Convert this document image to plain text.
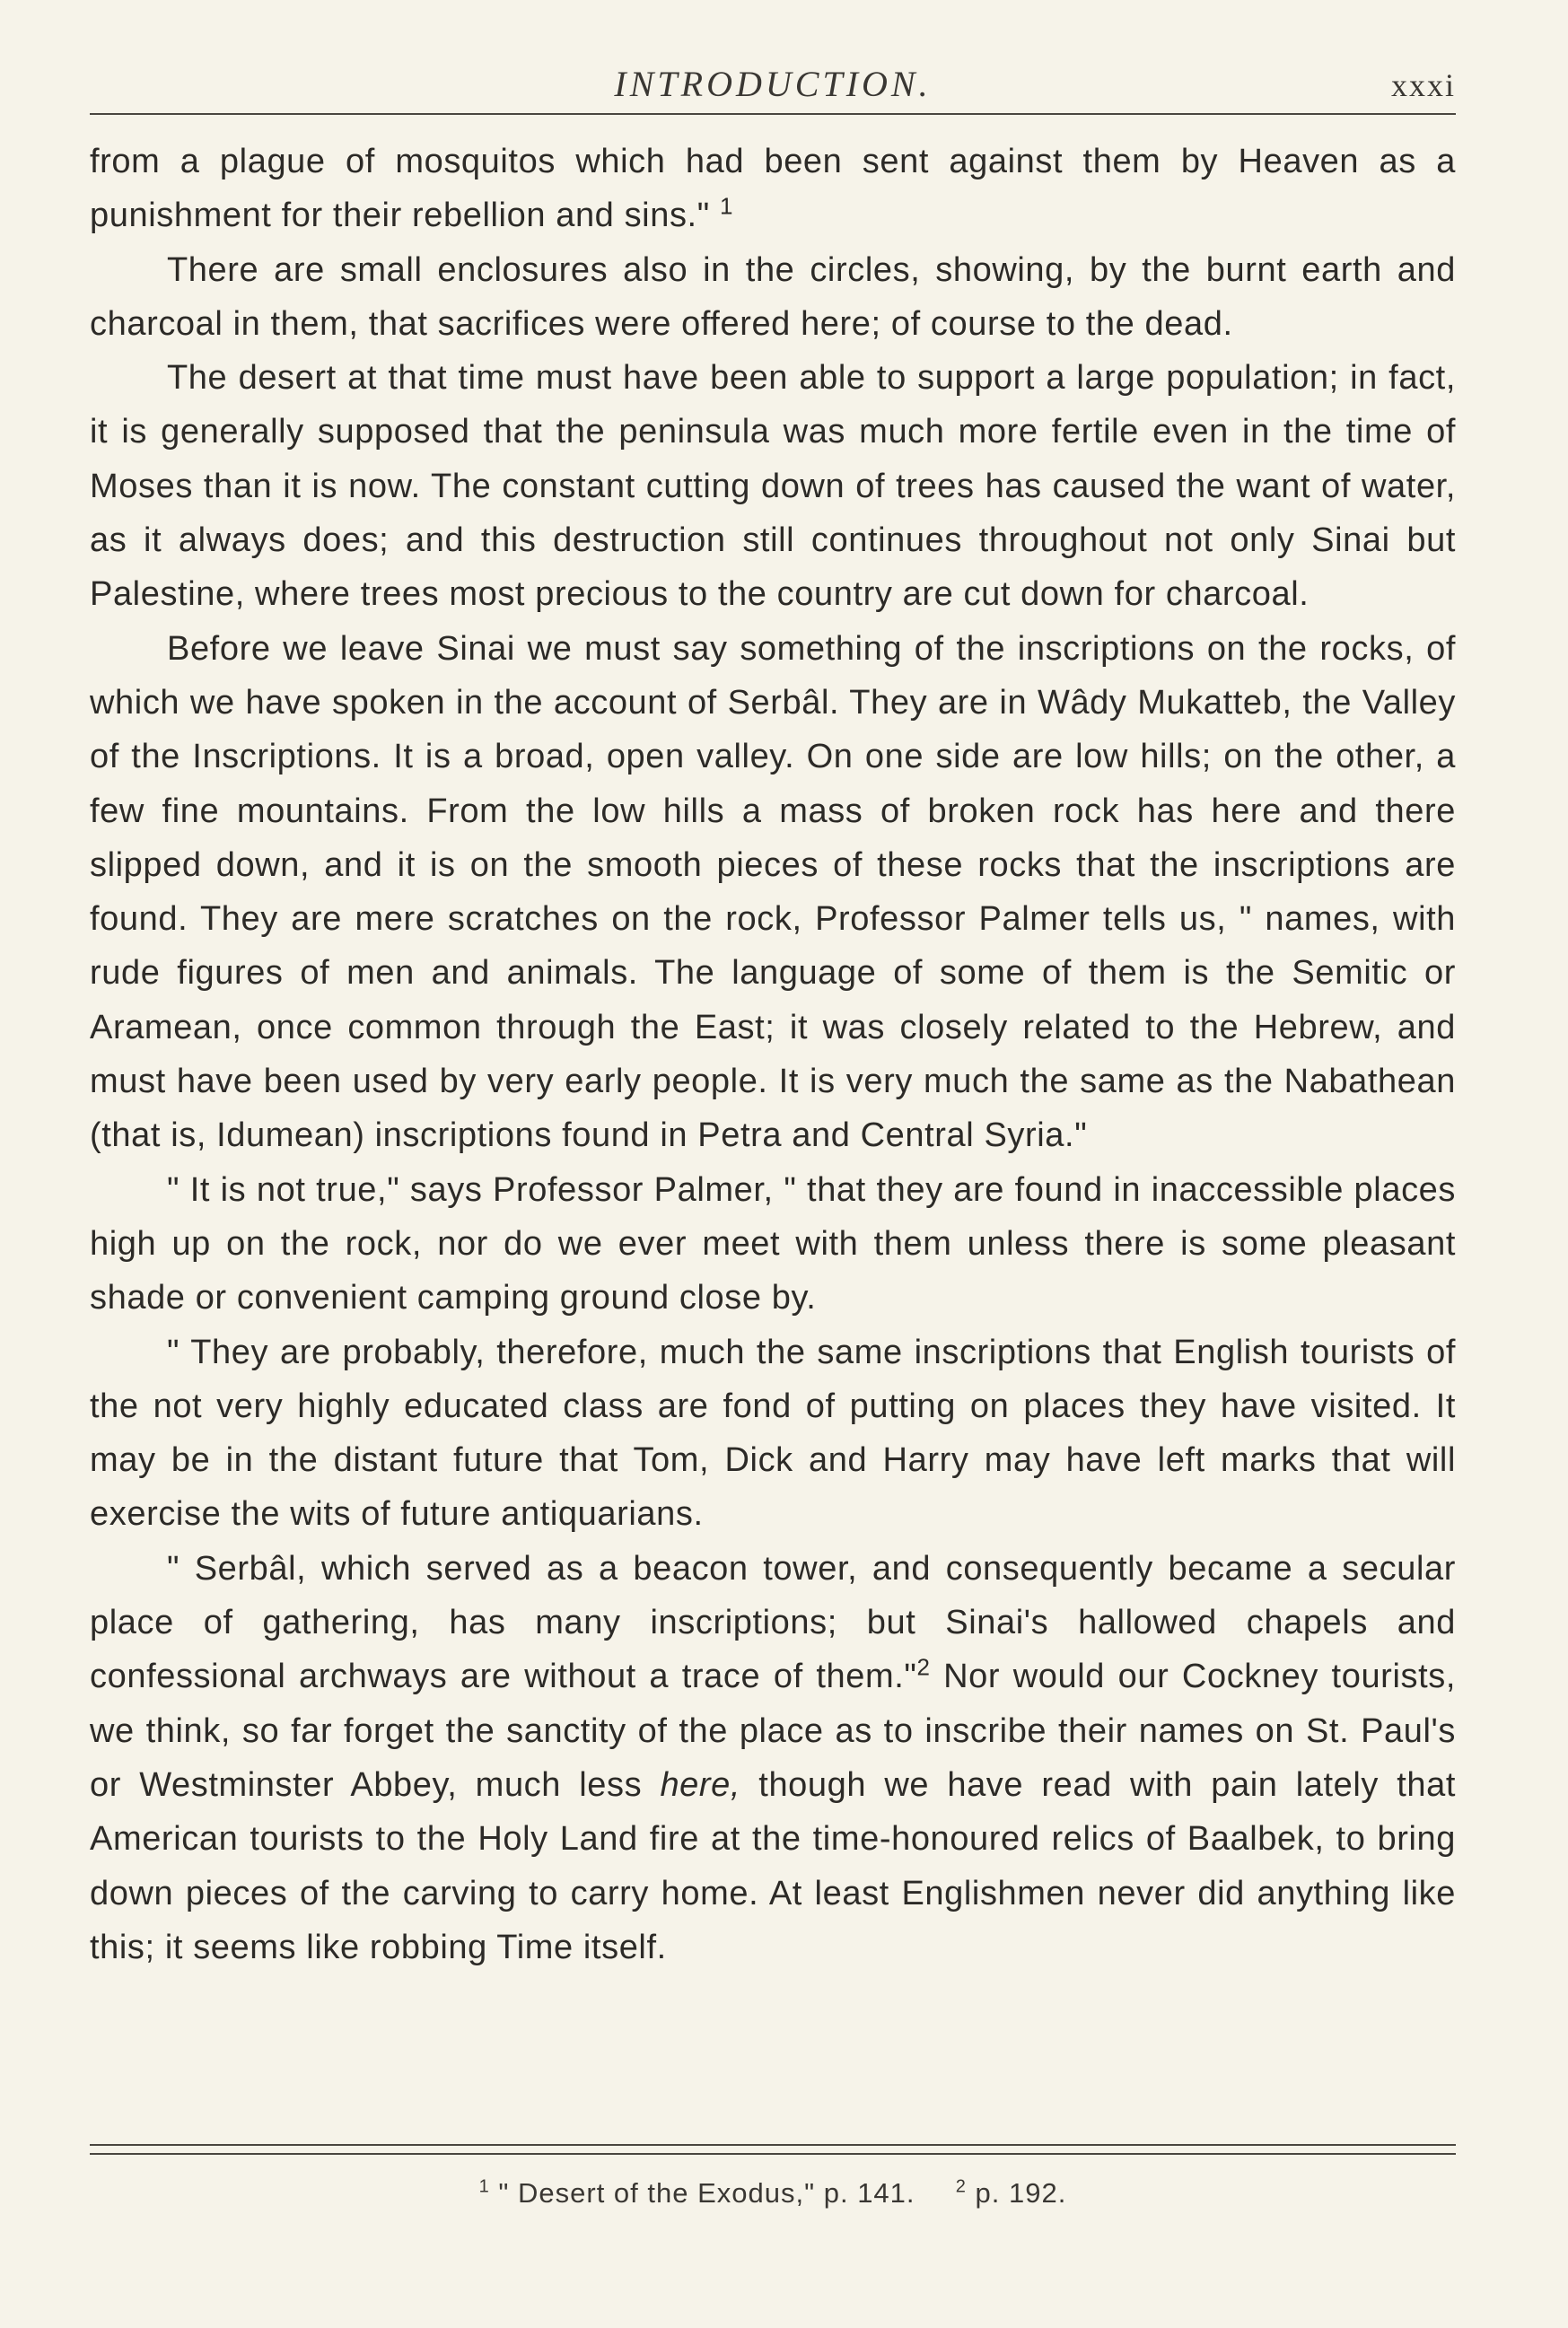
INTRODUCTION.	xxxi

from a plague of mosquitos which had been sent against them by Heaven as a punishment for their rebellion and sins." $^1$

There are small enclosures also in the circles, showing, by the burnt earth and charcoal in them, that sacrifices were offered here; of course to the dead.

The desert at that time must have been able to support a large population; in fact, it is generally supposed that the peninsula was much more fertile even in the time of Moses than it is now. The constant cutting down of trees has caused the want of water, as it always does; and this destruction still continues throughout not only Sinai but Palestine, where trees most precious to the country are cut down for charcoal.

Before we leave Sinai we must say something of the inscriptions on the rocks, of which we have spoken in the account of Serbâl. They are in Wâdy Mukatteb, the Valley of the Inscriptions. It is a broad, open valley. On one side are low hills; on the other, a few fine mountains. From the low hills a mass of broken rock has here and there slipped down, and it is on the smooth pieces of these rocks that the inscriptions are found. They are mere scratches on the rock, Professor Palmer tells us, " names, with rude figures of men and animals. The language of some of them is the Semitic or Aramean, once common through the East; it was closely related to the Hebrew, and must have been used by very early people. It is very much the same as the Nabathean (that is, Idumean) inscriptions found in Petra and Central Syria."

" It is not true," says Professor Palmer, " that they are found in inaccessible places high up on the rock, nor do we ever meet with them unless there is some pleasant shade or convenient camping ground close by.

" They are probably, therefore, much the same inscriptions that English tourists of the not very highly educated class are fond of putting on places they have visited. It may be in the distant future that Tom, Dick and Harry may have left marks that will exercise the wits of future antiquarians.

" Serbâl, which served as a beacon tower, and consequently became a secular place of gathering, has many inscriptions; but Sinai's hallowed chapels and confessional archways are without a trace of them."$^2$ Nor would our Cockney tourists, we think, so far forget the sanctity of the place as to inscribe their names on St. Paul's or Westminster Abbey, much less here, though we have read with pain lately that American tourists to the Holy Land fire at the time-honoured relics of Baalbek, to bring down pieces of the carving to carry home. At least Englishmen never did anything like this; it seems like robbing Time itself.

$^1$ " Desert of the Exodus," p. 141. $^2$ p. 192.
